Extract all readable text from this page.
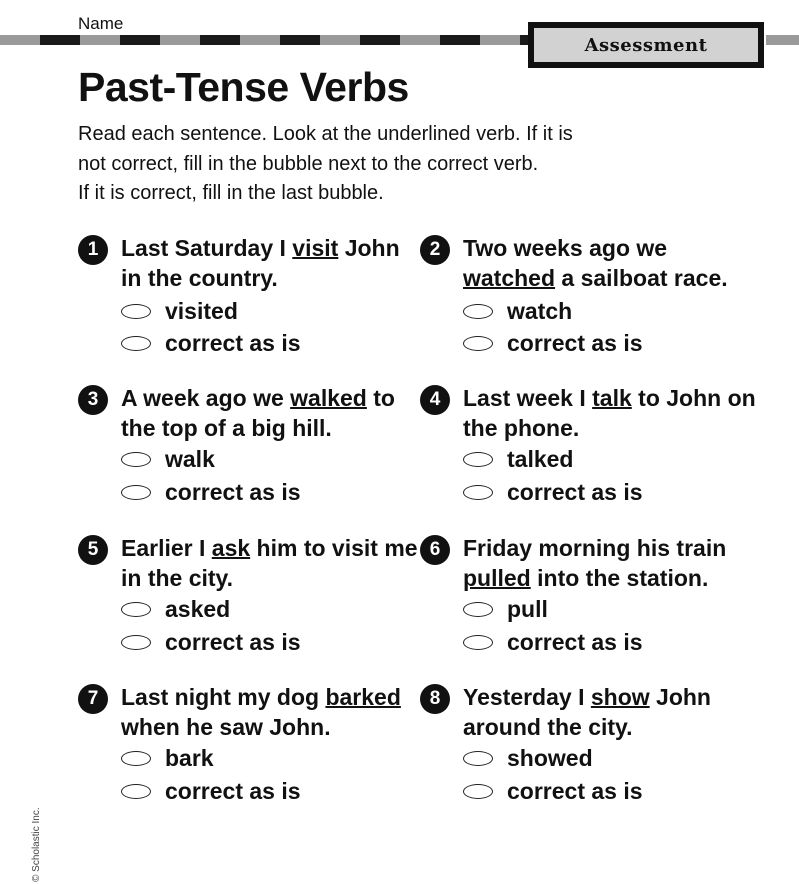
Name
Assessment
Past-Tense Verbs
Read each sentence. Look at the underlined verb. If it is
not correct, fill in the bubble next to the correct verb.
If it is correct, fill in the last bubble.
1 Last Saturday I visit John in the country.
visited
correct as is
2 Two weeks ago we watched a sailboat race.
watch
correct as is
3 A week ago we walked to the top of a big hill.
walk
correct as is
4 Last week I talk to John on the phone.
talked
correct as is
5 Earlier I ask him to visit me in the city.
asked
correct as is
6 Friday morning his train pulled into the station.
pull
correct as is
7 Last night my dog barked when he saw John.
bark
correct as is
8 Yesterday I show John around the city.
showed
correct as is
© Scholastic Inc.
